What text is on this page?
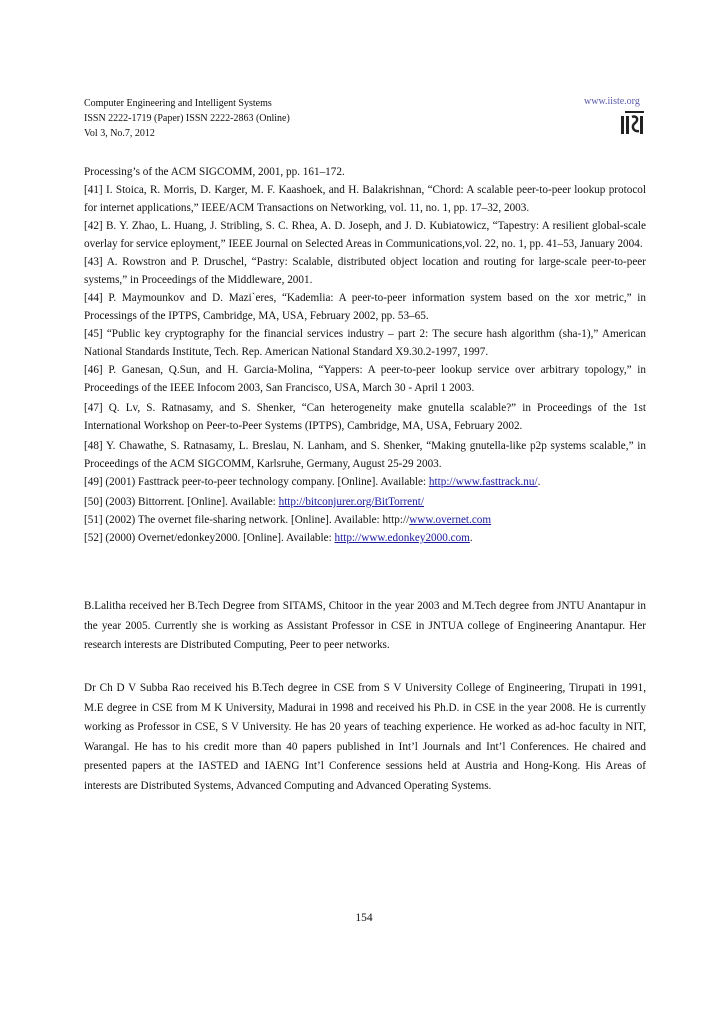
Computer Engineering and Intelligent Systems
ISSN 2222-1719 (Paper) ISSN 2222-2863 (Online)
Vol 3, No.7, 2012
www.iiste.org

Processing’s of the ACM SIGCOMM, 2001, pp. 161–172.

[41] I. Stoica, R. Morris, D. Karger, M. F. Kaashoek, and H. Balakrishnan, “Chord: A scalable peer-to-peer lookup protocol for internet applications,” IEEE/ACM Transactions on Networking, vol. 11, no. 1, pp. 17–32, 2003.

[42] B. Y. Zhao, L. Huang, J. Stribling, S. C. Rhea, A. D. Joseph, and J. D. Kubiatowicz, “Tapestry: A resilient global-scale overlay for service eployment,” IEEE Journal on Selected Areas in Communications,vol. 22, no. 1, pp. 41–53, January 2004.

[43] A. Rowstron and P. Druschel, “Pastry: Scalable, distributed object location and routing for large-scale peer-to-peer systems,” in Proceedings of the Middleware, 2001.

[44] P. Maymounkov and D. Mazi`eres, “Kademlia: A peer-to-peer information system based on the xor metric,” in Processings of the IPTPS, Cambridge, MA, USA, February 2002, pp. 53–65.

[45] “Public key cryptography for the financial services industry – part 2: The secure hash algorithm (sha-1),” American National Standards Institute, Tech. Rep. American National Standard X9.30.2-1997, 1997.

[46] P. Ganesan, Q.Sun, and H. Garcia-Molina, “Yappers: A peer-to-peer lookup service over arbitrary topology,” in Proceedings of the IEEE Infocom 2003, San Francisco, USA, March 30 - April 1 2003.

[47] Q. Lv, S. Ratnasamy, and S. Shenker, “Can heterogeneity make gnutella scalable?” in Proceedings of the 1st International Workshop on Peer-to-Peer Systems (IPTPS), Cambridge, MA, USA, February 2002.

[48] Y. Chawathe, S. Ratnasamy, L. Breslau, N. Lanham, and S. Shenker, “Making gnutella-like p2p systems scalable,” in Proceedings of the ACM SIGCOMM, Karlsruhe, Germany, August 25-29 2003.

[49] (2001) Fasttrack peer-to-peer technology company. [Online]. Available: http://www.fasttrack.nu/.

[50] (2003) Bittorrent. [Online]. Available: http://bitconjurer.org/BitTorrent/

[51] (2002) The overnet file-sharing network. [Online]. Available: http://www.overnet.com

[52] (2000) Overnet/edonkey2000. [Online]. Available: http://www.edonkey2000.com.

B.Lalitha received her B.Tech Degree from SITAMS, Chitoor in the year 2003 and M.Tech degree from JNTU Anantapur in the year 2005. Currently she is working as Assistant Professor in CSE in JNTUA college of Engineering Anantapur. Her research interests are Distributed Computing, Peer to peer networks.

Dr Ch D V Subba Rao received his B.Tech degree in CSE from S V University College of Engineering, Tirupati in 1991, M.E degree in CSE from M K University, Madurai in 1998 and received his Ph.D. in CSE in the year 2008. He is currently working as Professor in CSE, S V University. He has 20 years of teaching experience. He worked as ad-hoc faculty in NIT, Warangal. He has to his credit more than 40 papers published in Int’l Journals and Int’l Conferences. He chaired and presented papers at the IASTED and IAENG Int’l Conference sessions held at Austria and Hong-Kong. His Areas of interests are Distributed Systems, Advanced Computing and Advanced Operating Systems.

154
